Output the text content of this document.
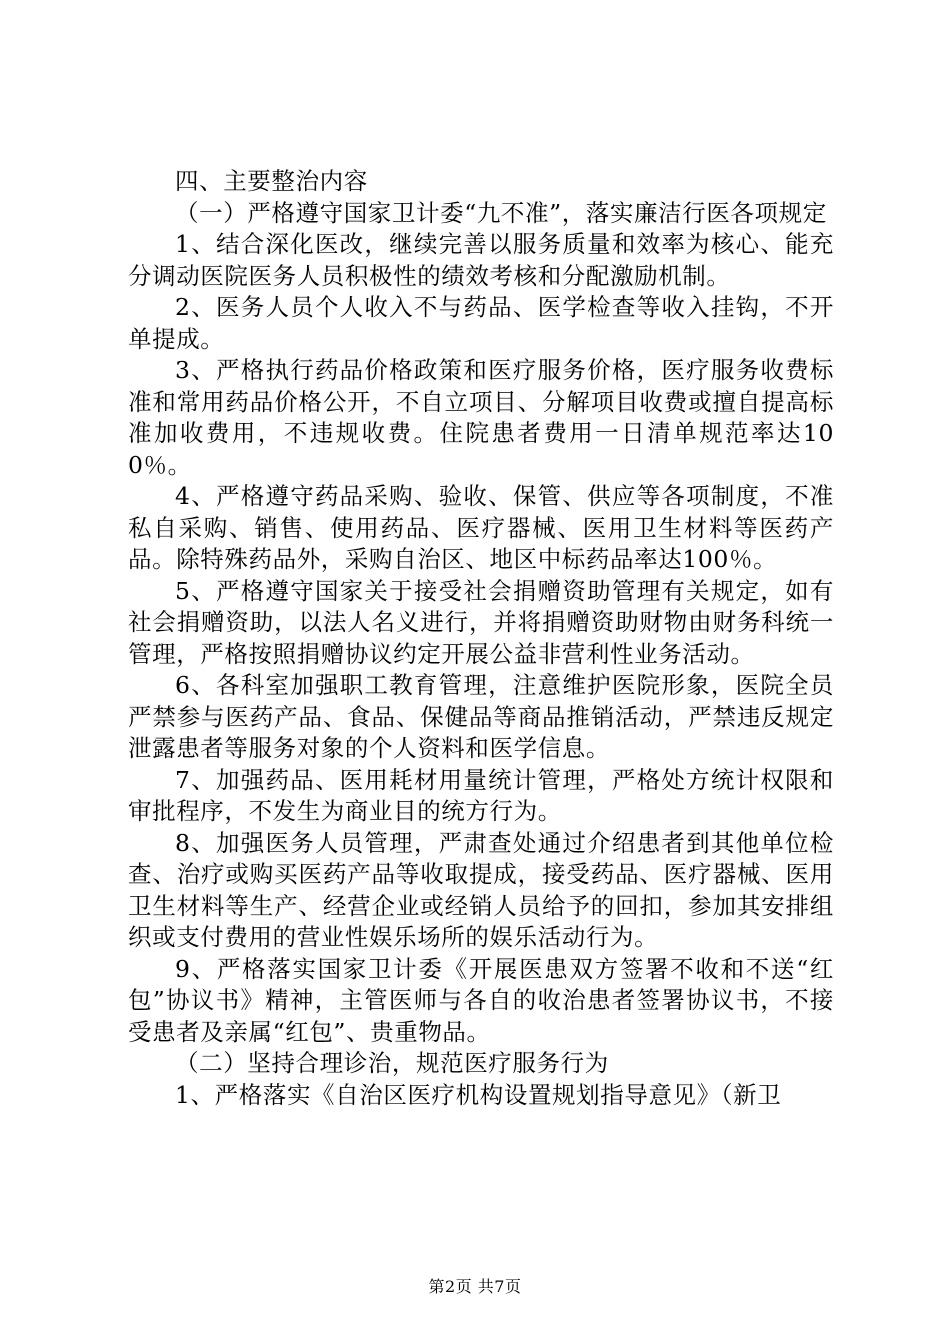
四、主要整治内容

（一）严格遵守国家卫计委“九不准”，落实廉洁行医各项规定

1、结合深化医改，继续完善以服务质量和效率为核心、能充分调动医院医务人员积极性的绩效考核和分配激励机制。

2、医务人员个人收入不与药品、医学检查等收入挂钩，不开单提成。

3、严格执行药品价格政策和医疗服务价格，医疗服务收费标准和常用药品价格公开，不自立项目、分解项目收费或擅自提高标准加收费用，不违规收费。住院患者费用一日清单规范率达100％。

4、严格遵守药品采购、验收、保管、供应等各项制度，不准私自采购、销售、使用药品、医疗器械、医用卫生材料等医药产品。除特殊药品外，采购自治区、地区中标药品率达100％。

5、严格遵守国家关于接受社会捐赠资助管理有关规定，如有社会捐赠资助，以法人名义进行，并将捐赠资助财物由财务科统一管理，严格按照捐赠协议约定开展公益非营利性业务活动。

6、各科室加强职工教育管理，注意维护医院形象，医院全员严禁参与医药产品、食品、保健品等商品推销活动，严禁违反规定泄露患者等服务对象的个人资料和医学信息。

7、加强药品、医用耗材用量统计管理，严格处方统计权限和审批程序，不发生为商业目的统方行为。

8、加强医务人员管理，严肃查处通过介绍患者到其他单位检查、治疗或购买医药产品等收取提成，接受药品、医疗器械、医用卫生材料等生产、经营企业或经销人员给予的回扣，参加其安排组织或支付费用的营业性娱乐场所的娱乐活动行为。

9、严格落实国家卫计委《开展医患双方签署不收和不送“红包”协议书》精神，主管医师与各自的收治患者签署协议书，不接受患者及亲属“红包”、贵重物品。

（二）坚持合理诊治，规范医疗服务行为

1、严格落实《自治区医疗机构设置规划指导意见》（新卫

第2页 共7页
